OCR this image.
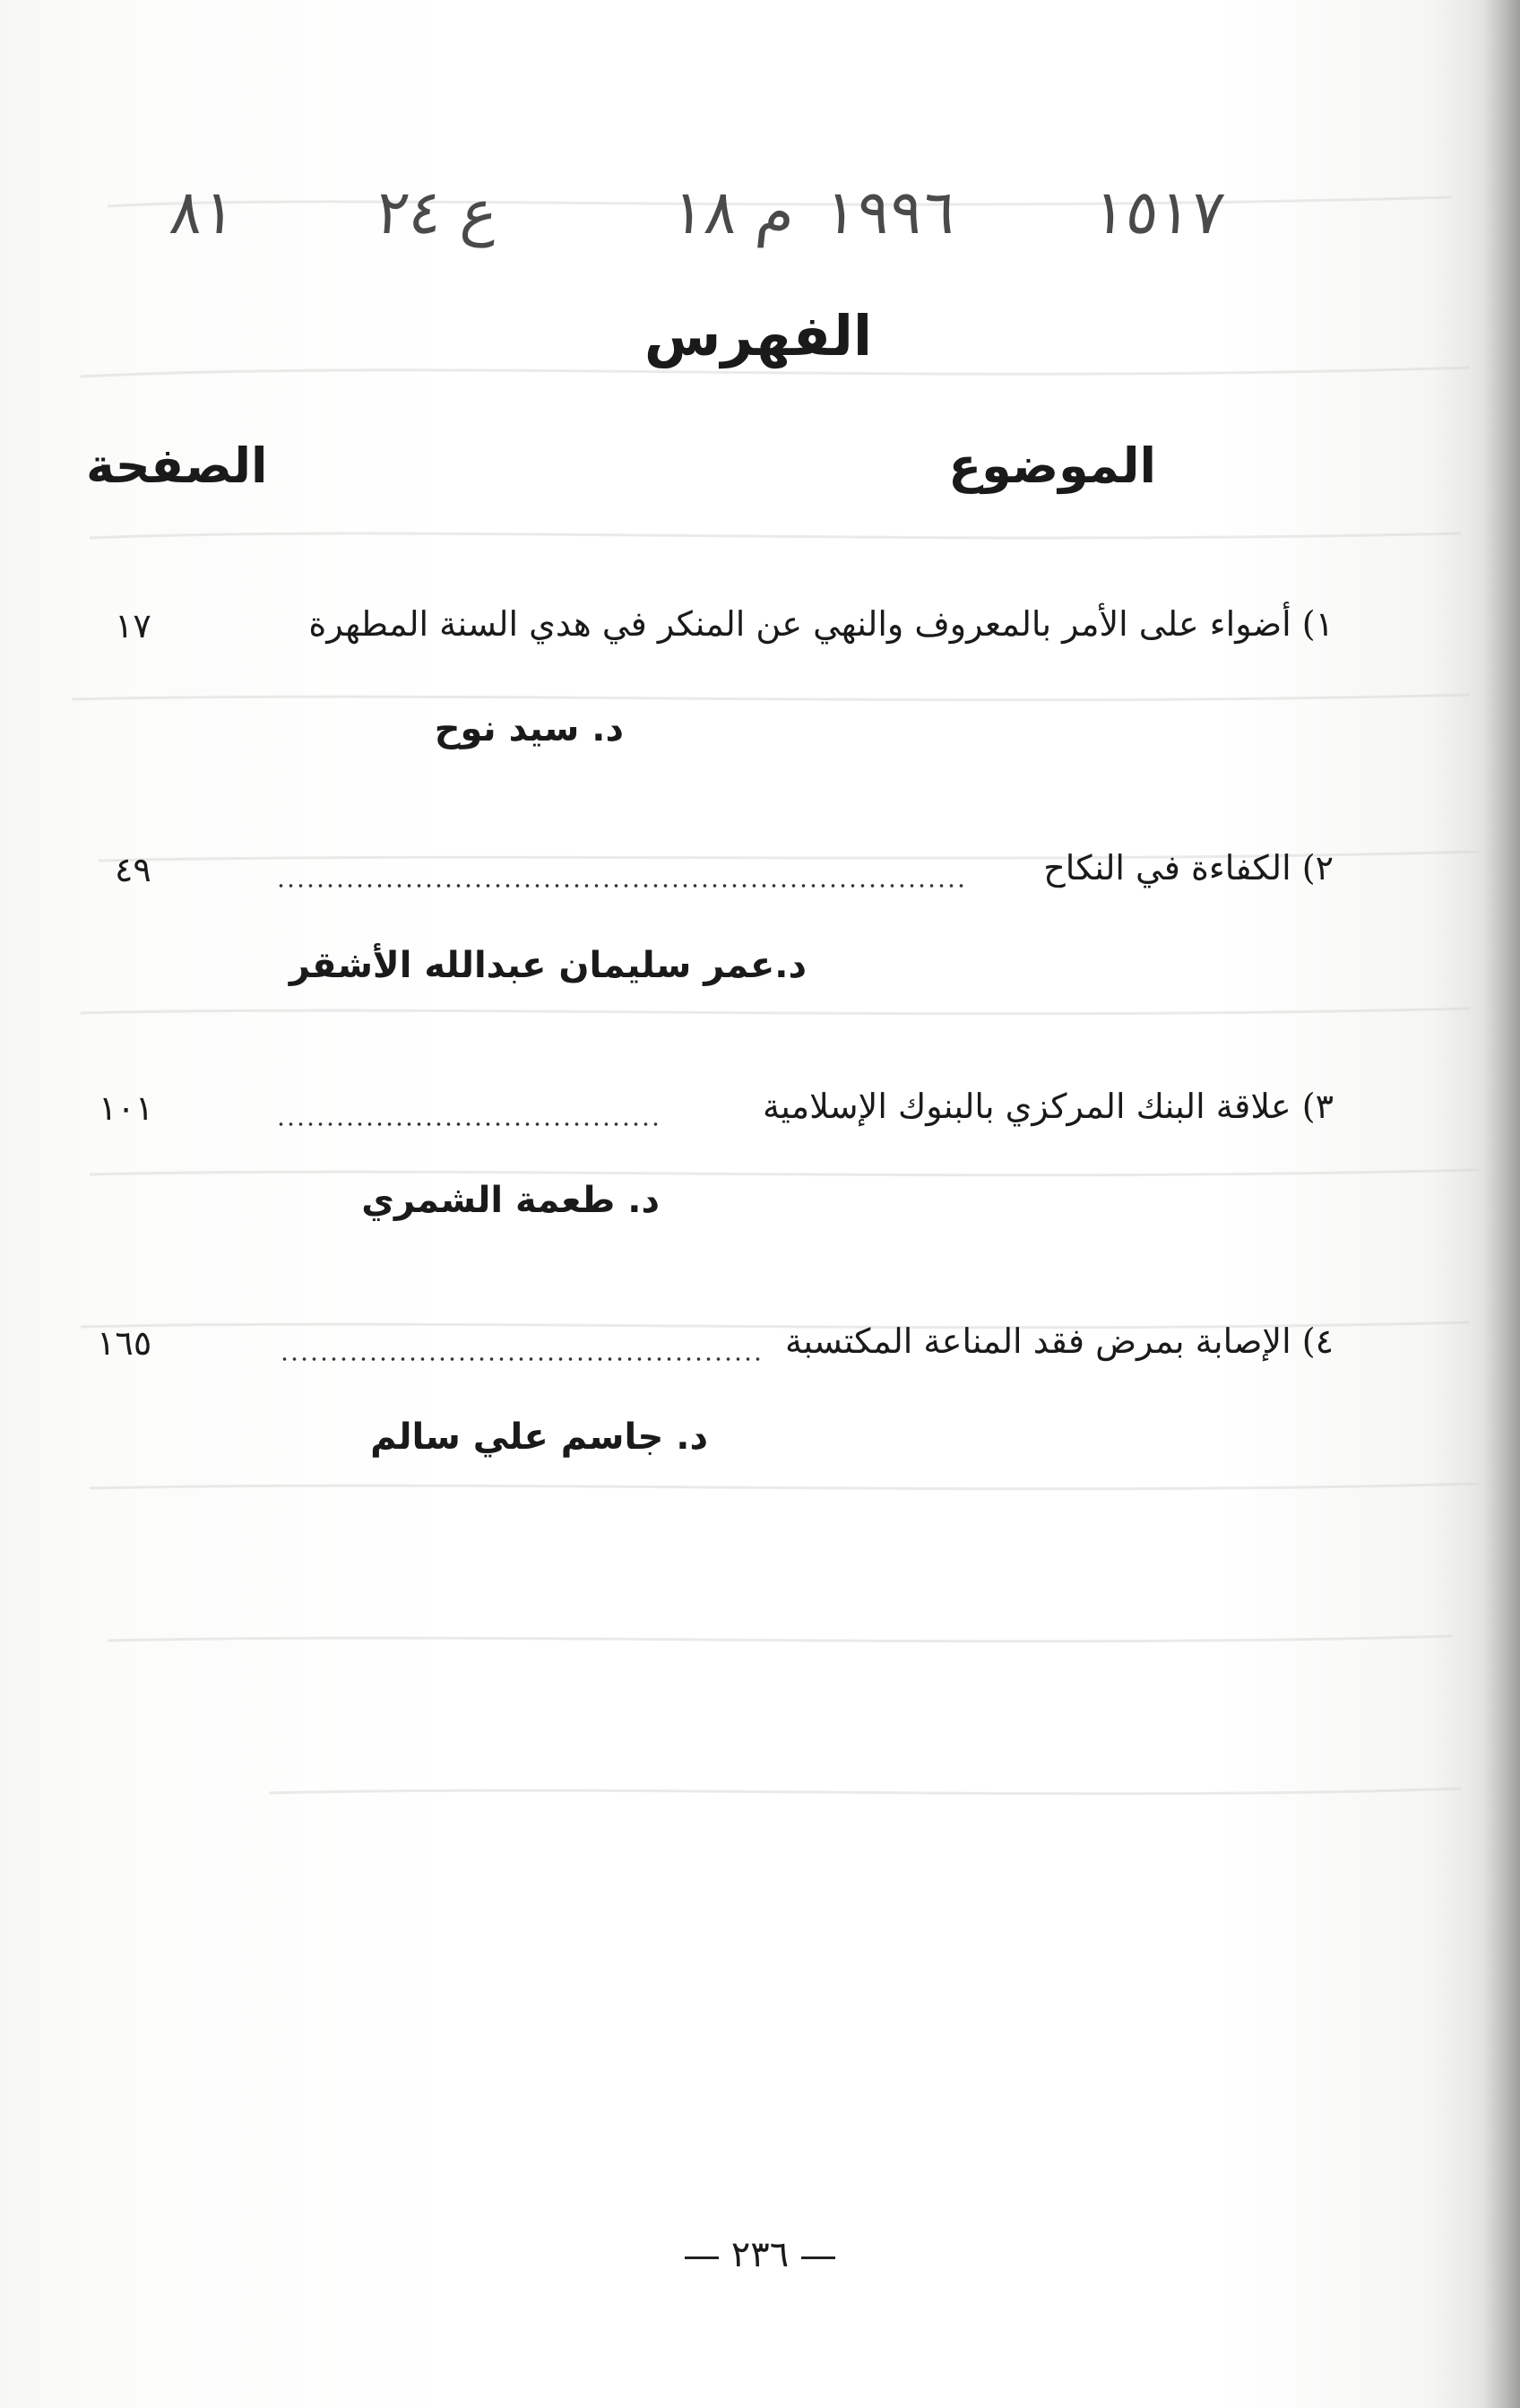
١٥١٧
١٩٩٦
م ١٨
ع ٢٤
٨١
الفهرس
الموضوع
الصفحة
١) أضواء على الأمر بالمعروف والنهي عن المنكر في هدي السنة المطهرة
١٧
د. سيد نوح
٢) الكفاءة في النكاح
٤٩
د.عمر سليمان عبدالله الأشقر
٣) علاقة البنك المركزي بالبنوك الإسلامية
١٠١
د. طعمة الشمري
٤) الإصابة بمرض فقد المناعة المكتسبة
١٦٥
د. جاسم علي سالم
٢٣٦
